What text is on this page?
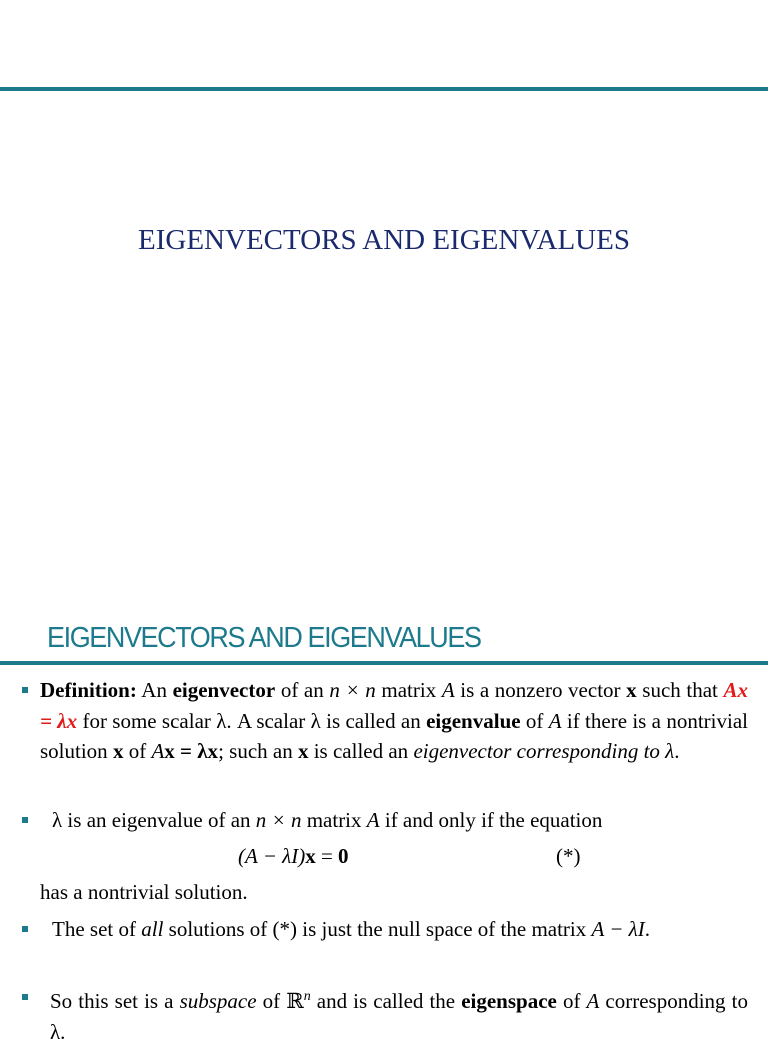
EIGENVECTORS AND EIGENVALUES
EIGENVECTORS AND EIGENVALUES
Definition: An eigenvector of an n × n matrix A is a nonzero vector x such that Ax = λx for some scalar λ. A scalar λ is called an eigenvalue of A if there is a nontrivial solution x of Ax = λx; such an x is called an eigenvector corresponding to λ.
λ is an eigenvalue of an n × n matrix A if and only if the equation
(A − λI)x = 0	(*)
has a nontrivial solution.
The set of all solutions of (*) is just the null space of the matrix A − λI.
So this set is a subspace of ℝ$^n$ and is called the eigenspace of A corresponding to λ.
